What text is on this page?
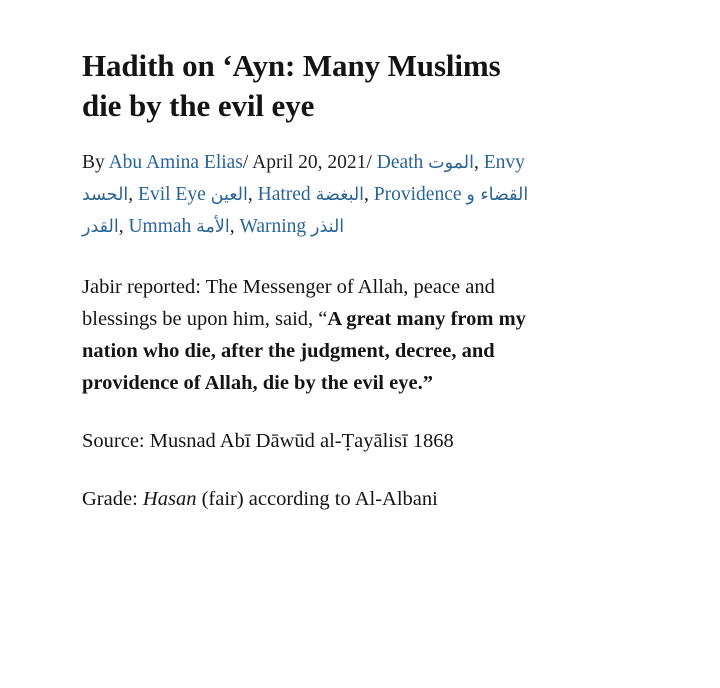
Hadith on ‘Ayn: Many Muslims die by the evil eye
By Abu Amina Elias/ April 20, 2021/ Death الموت, Envy الحسد, Evil Eye العين, Hatred البغضة, Providence القضاء و القدر, Ummah الأمة, Warning النذر

Jabir reported: The Messenger of Allah, peace and blessings be upon him, said, “A great many from my nation who die, after the judgment, decree, and providence of Allah, die by the evil eye.”

Source: Musnad Abī Dāwūd al-Ṭayālisī 1868

Grade: Hasan (fair) according to Al-Albani
